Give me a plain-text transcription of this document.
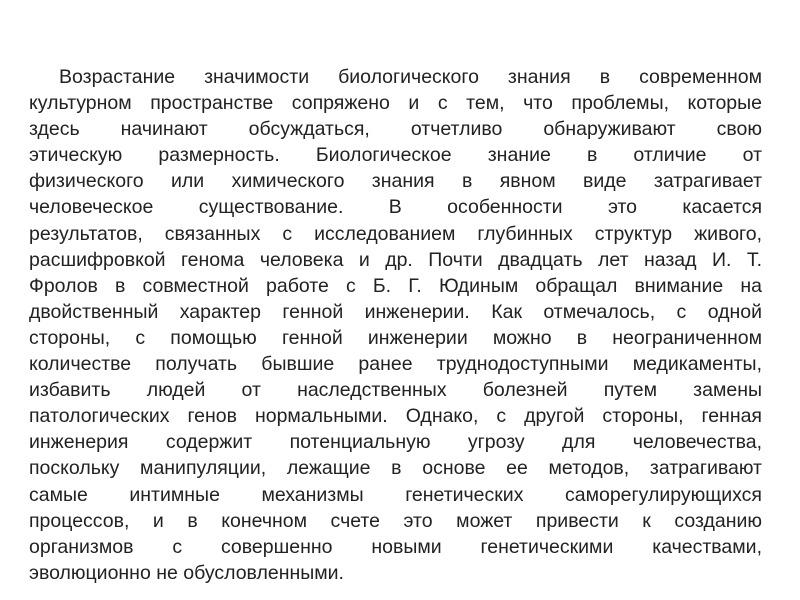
Возрастание значимости биологического знания в современном
культурном пространстве сопряжено и с тем, что проблемы, которые
здесь начинают обсуждаться, отчетливо обнаруживают свою
этическую размерность. Биологическое знание в отличие от
физического или химического знания в явном виде затрагивает
человеческое существование. В особенности это касается
результатов, связанных с исследованием глубинных структур живого,
расшифровкой генома человека и др. Почти двадцать лет назад И. Т.
Фролов в совместной работе с Б. Г. Юдиным обращал внимание на
двойственный характер генной инженерии. Как отмечалось, с одной
стороны, с помощью генной инженерии можно в неограниченном
количестве получать бывшие ранее труднодоступными медикаменты,
избавить людей от наследственных болезней путем замены
патологических генов нормальными. Однако, с другой стороны, генная
инженерия содержит потенциальную угрозу для человечества,
поскольку манипуляции, лежащие в основе ее методов, затрагивают
самые интимные механизмы генетических саморегулирующихся
процессов, и в конечном счете это может привести к созданию
организмов с совершенно новыми генетическими качествами,
эволюционно не обусловленными.
